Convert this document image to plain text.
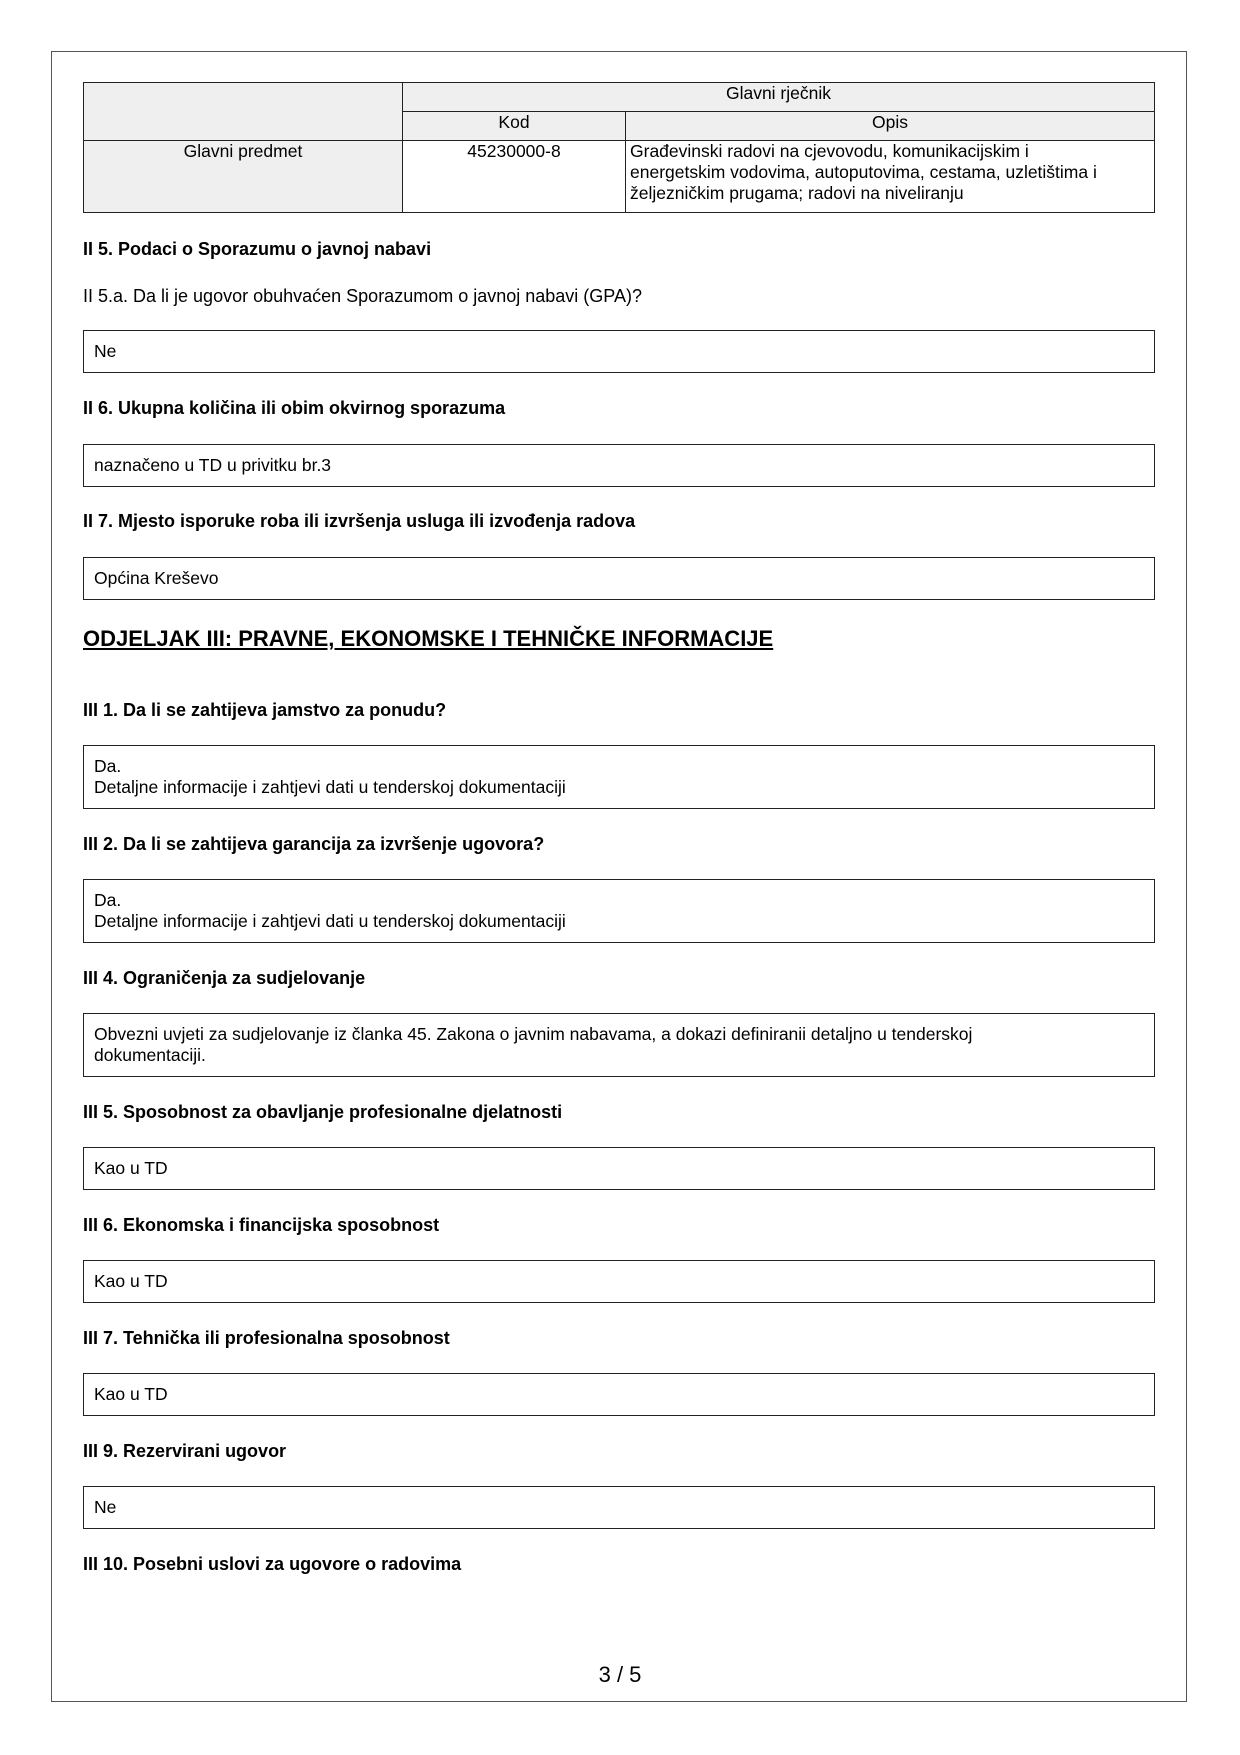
	Glavni rječnik	
	Kod	Opis
Glavni predmet	45230000-8	Građevinski radovi na cjevovodu, komunikacijskim i
energetskim vodovima, autoputovima, cestama, uzletištima i
željezničkim prugama; radovi na niveliranju
II 5. Podaci o Sporazumu o javnoj nabavi
II 5.a. Da li je ugovor obuhvaćen Sporazumom o javnoj nabavi (GPA)?
Ne
II 6. Ukupna količina ili obim okvirnog sporazuma
naznačeno u TD u privitku br.3
II 7. Mjesto isporuke roba ili izvršenja usluga ili izvođenja radova
Općina Kreševo
ODJELJAK III: PRAVNE, EKONOMSKE I TEHNIČKE INFORMACIJE
III 1. Da li se zahtijeva jamstvo za ponudu?
Da.
Detaljne informacije i zahtjevi dati u tenderskoj dokumentaciji
III 2. Da li se zahtijeva garancija za izvršenje ugovora?
Da.
Detaljne informacije i zahtjevi dati u tenderskoj dokumentaciji
III 4. Ograničenja za sudjelovanje
Obvezni uvjeti za sudjelovanje iz članka 45. Zakona o javnim nabavama, a dokazi definiranii detaljno u tenderskoj
dokumentaciji.
III 5. Sposobnost za obavljanje profesionalne djelatnosti
Kao u TD
III 6. Ekonomska i financijska sposobnost
Kao u TD
III 7. Tehnička ili profesionalna sposobnost
Kao u TD
III 9. Rezervirani ugovor
Ne
III 10. Posebni uslovi za ugovore o radovima
3 / 5
